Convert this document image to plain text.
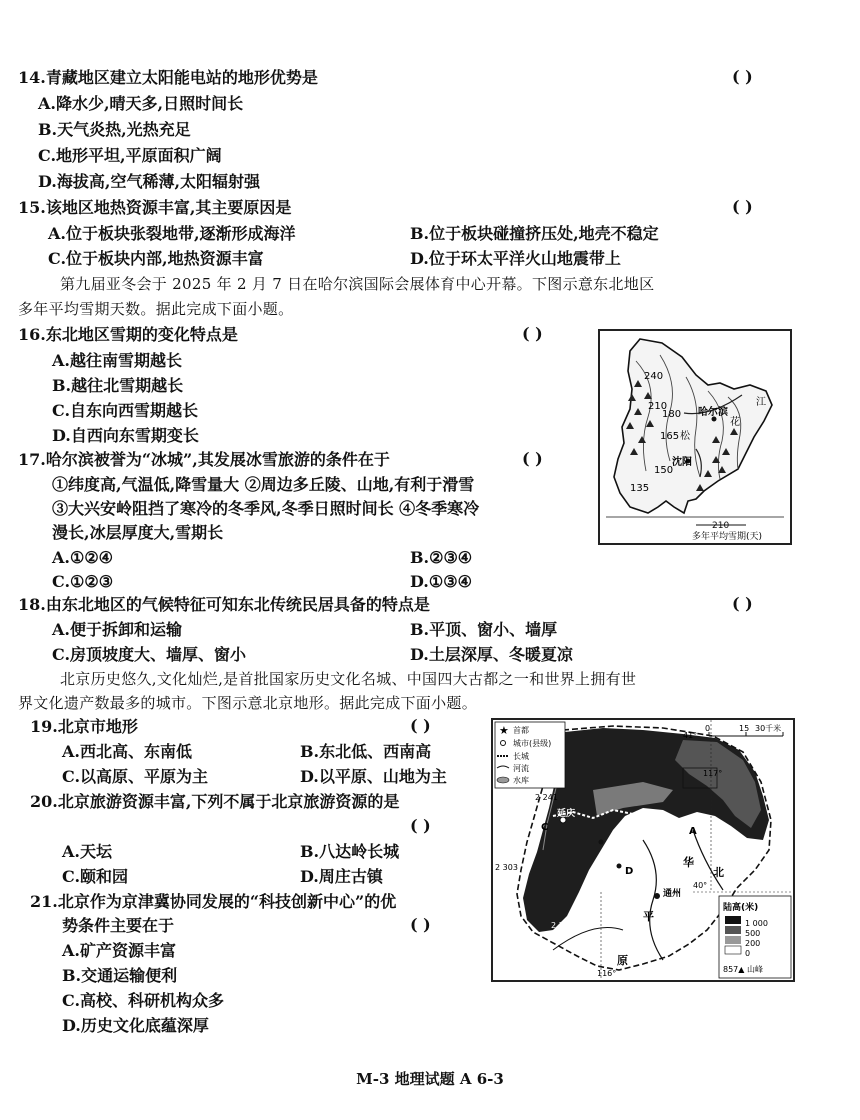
14.青藏地区建立太阳能电站的地形优势是	( )
A.降水少,晴天多,日照时间长
B.天气炎热,光热充足
C.地形平坦,平原面积广阔
D.海拔高,空气稀薄,太阳辐射强
15.该地区地热资源丰富,其主要原因是	( )
A.位于板块张裂地带,逐渐形成海洋	B.位于板块碰撞挤压处,地壳不稳定
C.位于板块内部,地热资源丰富	D.位于环太平洋火山地震带上
第九届亚冬会于 2025 年 2 月 7 日在哈尔滨国际会展体育中心开幕。下图示意东北地区
多年平均雪期天数。据此完成下面小题。
16.东北地区雪期的变化特点是	( )
A.越往南雪期越长
B.越往北雪期越长
C.自东向西雪期越长
D.自西向东雪期变长
17.哈尔滨被誉为“冰城”,其发展冰雪旅游的条件在于	( )
①纬度高,气温低,降雪量大 ②周边多丘陵、山地,有利于滑雪
③大兴安岭阻挡了寒冷的冬季风,冬季日照时间长 ④冬季寒冷
漫长,冰层厚度大,雪期长
A.①②④	B.②③④
C.①②③	D.①③④
240
210
180
165
150
135
哈尔滨
沈阳
松
花
江
210
多年平均雪期(天)
18.由东北地区的气候特征可知东北传统民居具备的特点是	( )
A.便于拆卸和运输	B.平顶、窗小、墙厚
C.房顶坡度大、墙厚、窗小	D.土层深厚、冬暖夏凉
北京历史悠久,文化灿烂,是首批国家历史文化名城、中国四大古都之一和世界上拥有世
界文化遗产数最多的城市。下图示意北京地形。据此完成下面小题。
19.北京市地形	( )
A.西北高、东南低	B.东北低、西南高
C.以高原、平原为主	D.以平原、山地为主
20.北京旅游资源丰富,下列不属于北京旅游资源的是
( )
A.天坛	B.八达岭长城
C.颐和园	D.周庄古镇
21.北京作为京津冀协同发展的“科技创新中心”的优
势条件主要在于	( )
A.矿产资源丰富
B.交通运输便利
C.高校、科研机构众多
D.历史文化底蕴深厚
★
★ 首都
城市(县级)
长城
河流
水库
0	15 30千米
41°
40°
117°
116°
2 241
2 303
2 305
857
延庆
通州
A
B
C
D
华
北
平
原
陆高(米)
1 000
500
200
0
857▲ 山峰
M-3 地理试题 A 6-3
